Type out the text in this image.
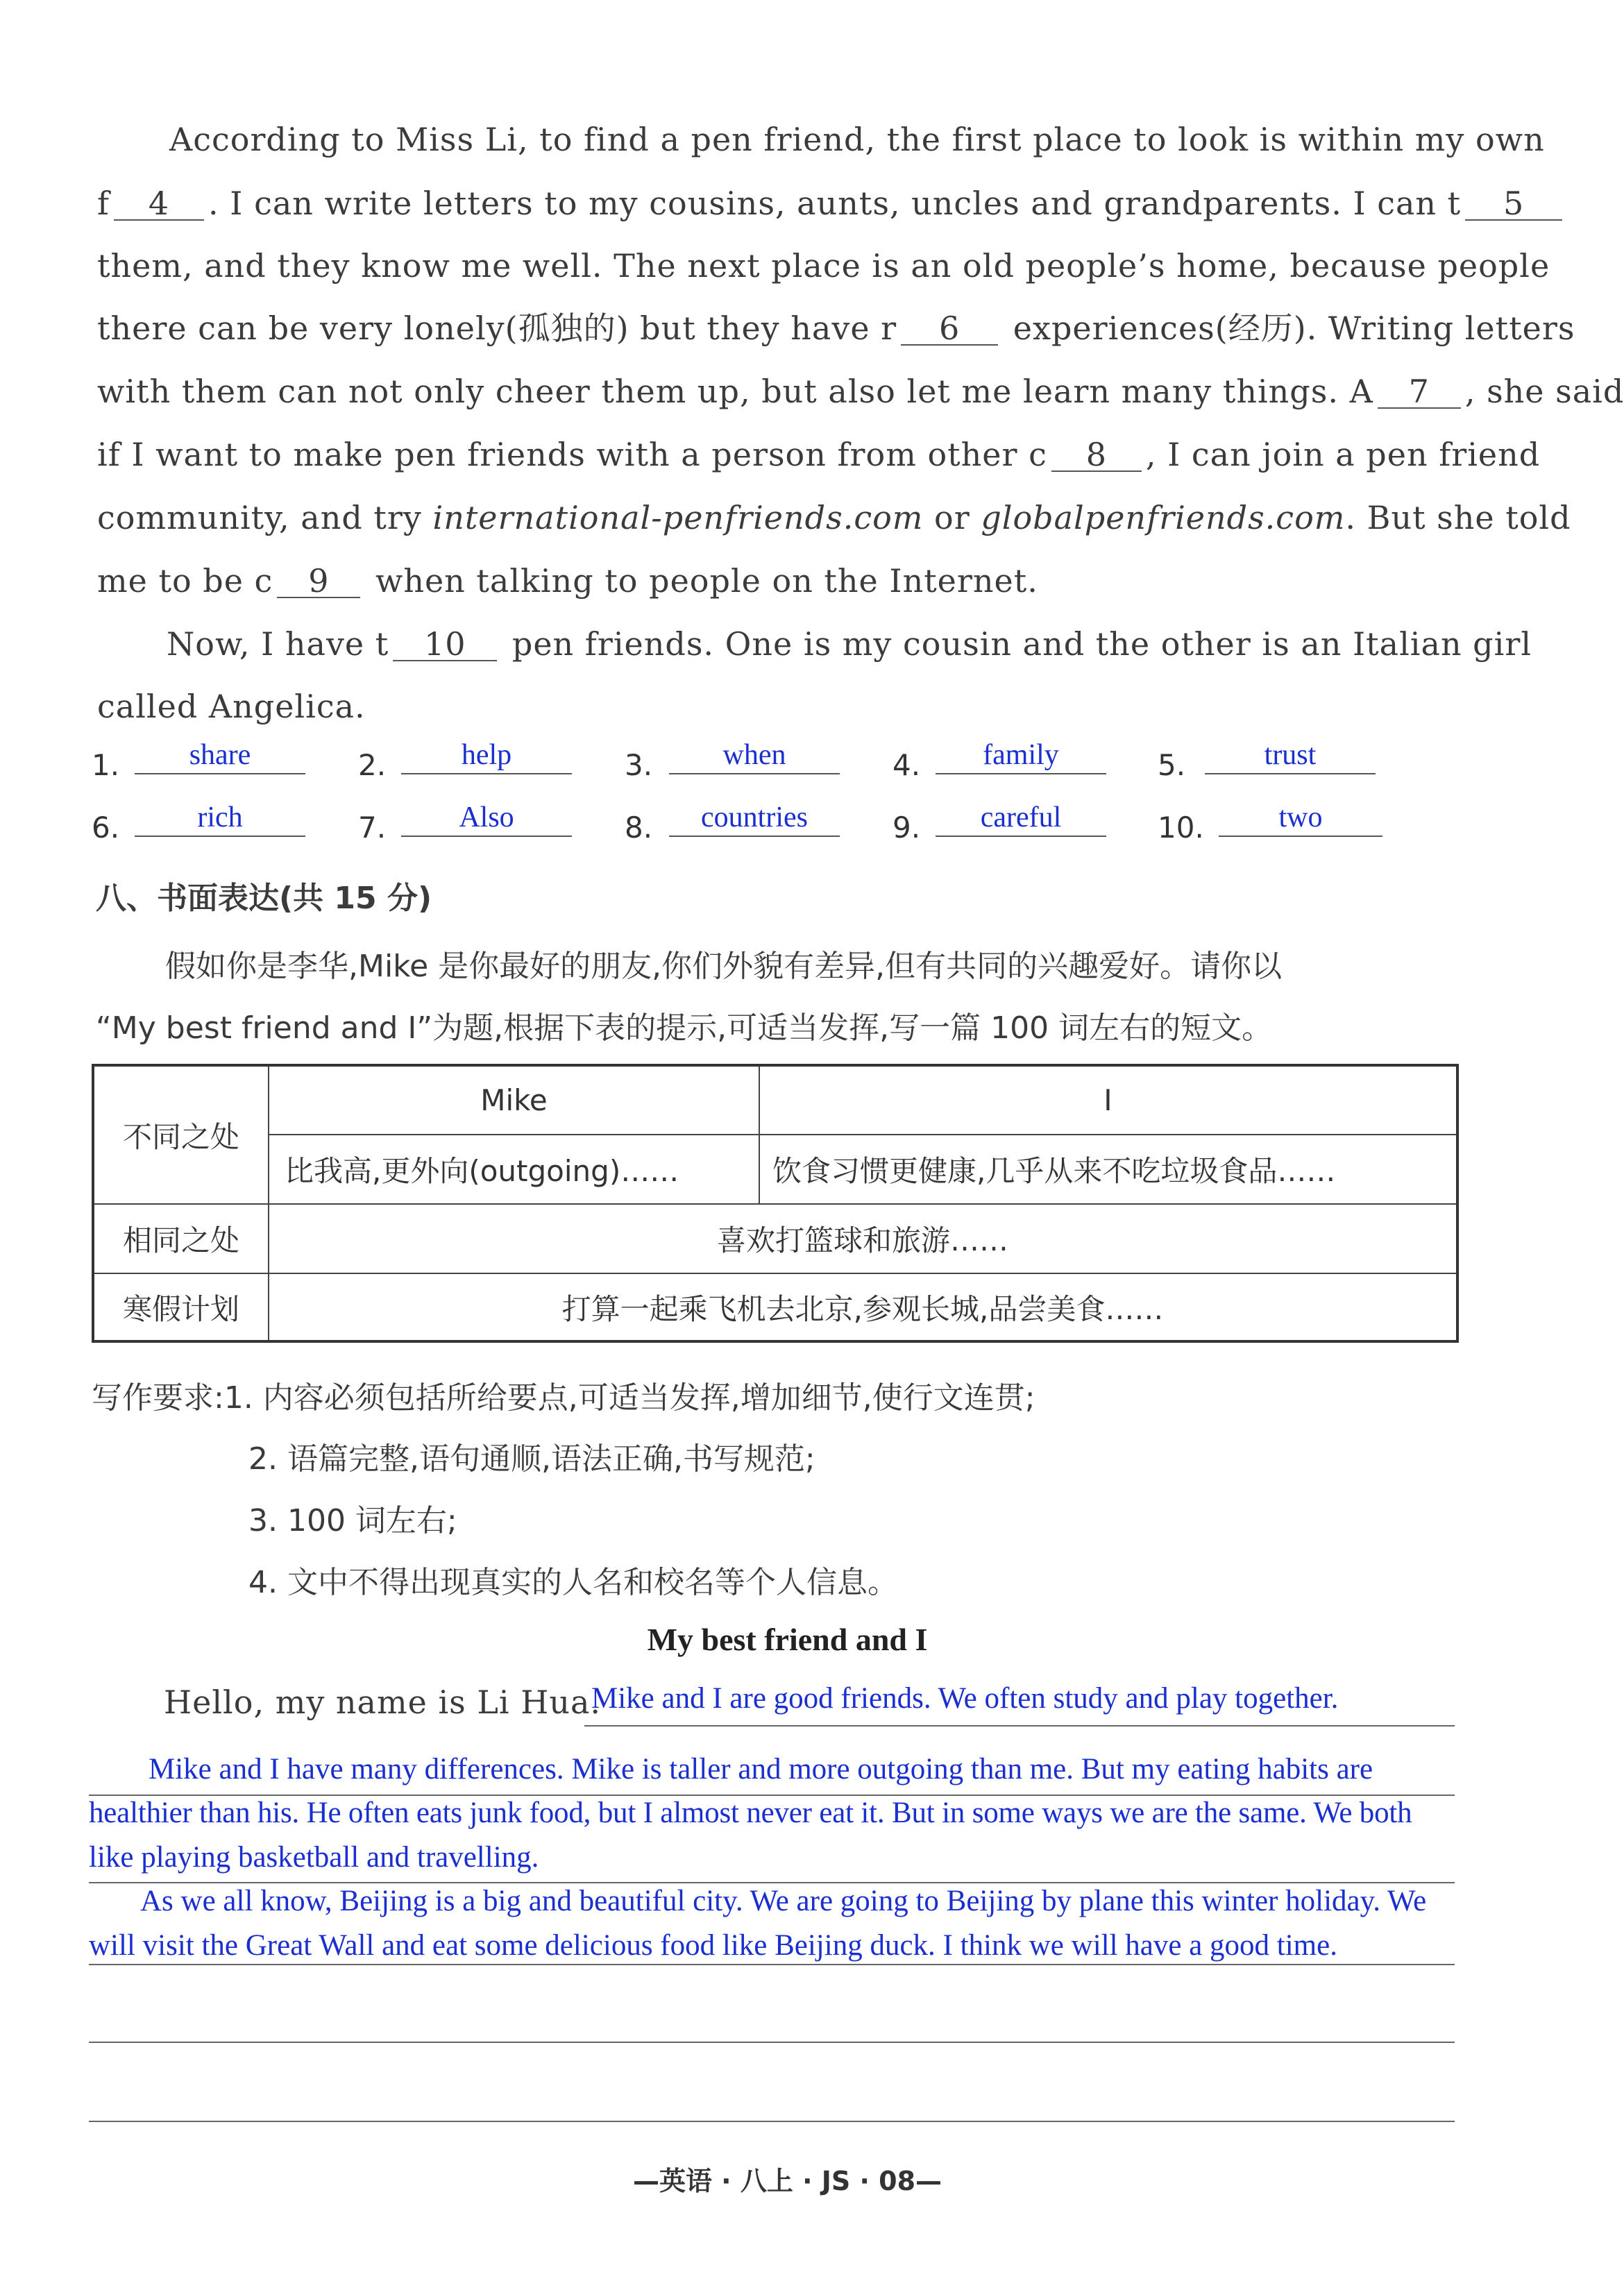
According to Miss Li, to find a pen friend, the first place to look is within my own
f 4 . I can write letters to my cousins, aunts, uncles and grandparents. I can t 5
them, and they know me well. The next place is an old people’s home, because people
there can be very lonely(孤独的) but they have r 6 experiences(经历). Writing letters
with them can not only cheer them up, but also let me learn many things. A 7 , she said
if I want to make pen friends with a person from other c 8 , I can join a pen friend
community, and try international-penfriends.com or globalpenfriends.com. But she told
me to be c 9 when talking to people on the Internet.
Now, I have t 10 pen friends. One is my cousin and the other is an Italian girl
called Angelica.
1.	share	2.	help	3.	when	4.	family	5.	trust
6.	rich	7.	Also	8.	countries	9.	careful	10.	two
八、书面表达(共 15 分)
假如你是李华,Mike 是你最好的朋友,你们外貌有差异,但有共同的兴趣爱好。请你以
“My best friend and I”为题,根据下表的提示,可适当发挥,写一篇 100 词左右的短文。
不同之处	Mike	I
	比我高,更外向(outgoing)……	饮食习惯更健康,几乎从来不吃垃圾食品……
相同之处	喜欢打篮球和旅游……	
寒假计划	打算一起乘飞机去北京,参观长城,品尝美食……	
写作要求:1. 内容必须包括所给要点,可适当发挥,增加细节,使行文连贯;
2. 语篇完整,语句通顺,语法正确,书写规范;
3. 100 词左右;
4. 文中不得出现真实的人名和校名等个人信息。
My best friend and I
Hello, my name is Li Hua.
Mike and I are good friends. We often study and play together.
Mike and I have many differences. Mike is taller and more outgoing than me. But my eating habits are
healthier than his. He often eats junk food, but I almost never eat it. But in some ways we are the same. We both
like playing basketball and travelling.
As we all know, Beijing is a big and beautiful city. We are going to Beijing by plane this winter holiday. We
will visit the Great Wall and eat some delicious food like Beijing duck. I think we will have a good time.
—英语 · 八上 · JS · 08—
